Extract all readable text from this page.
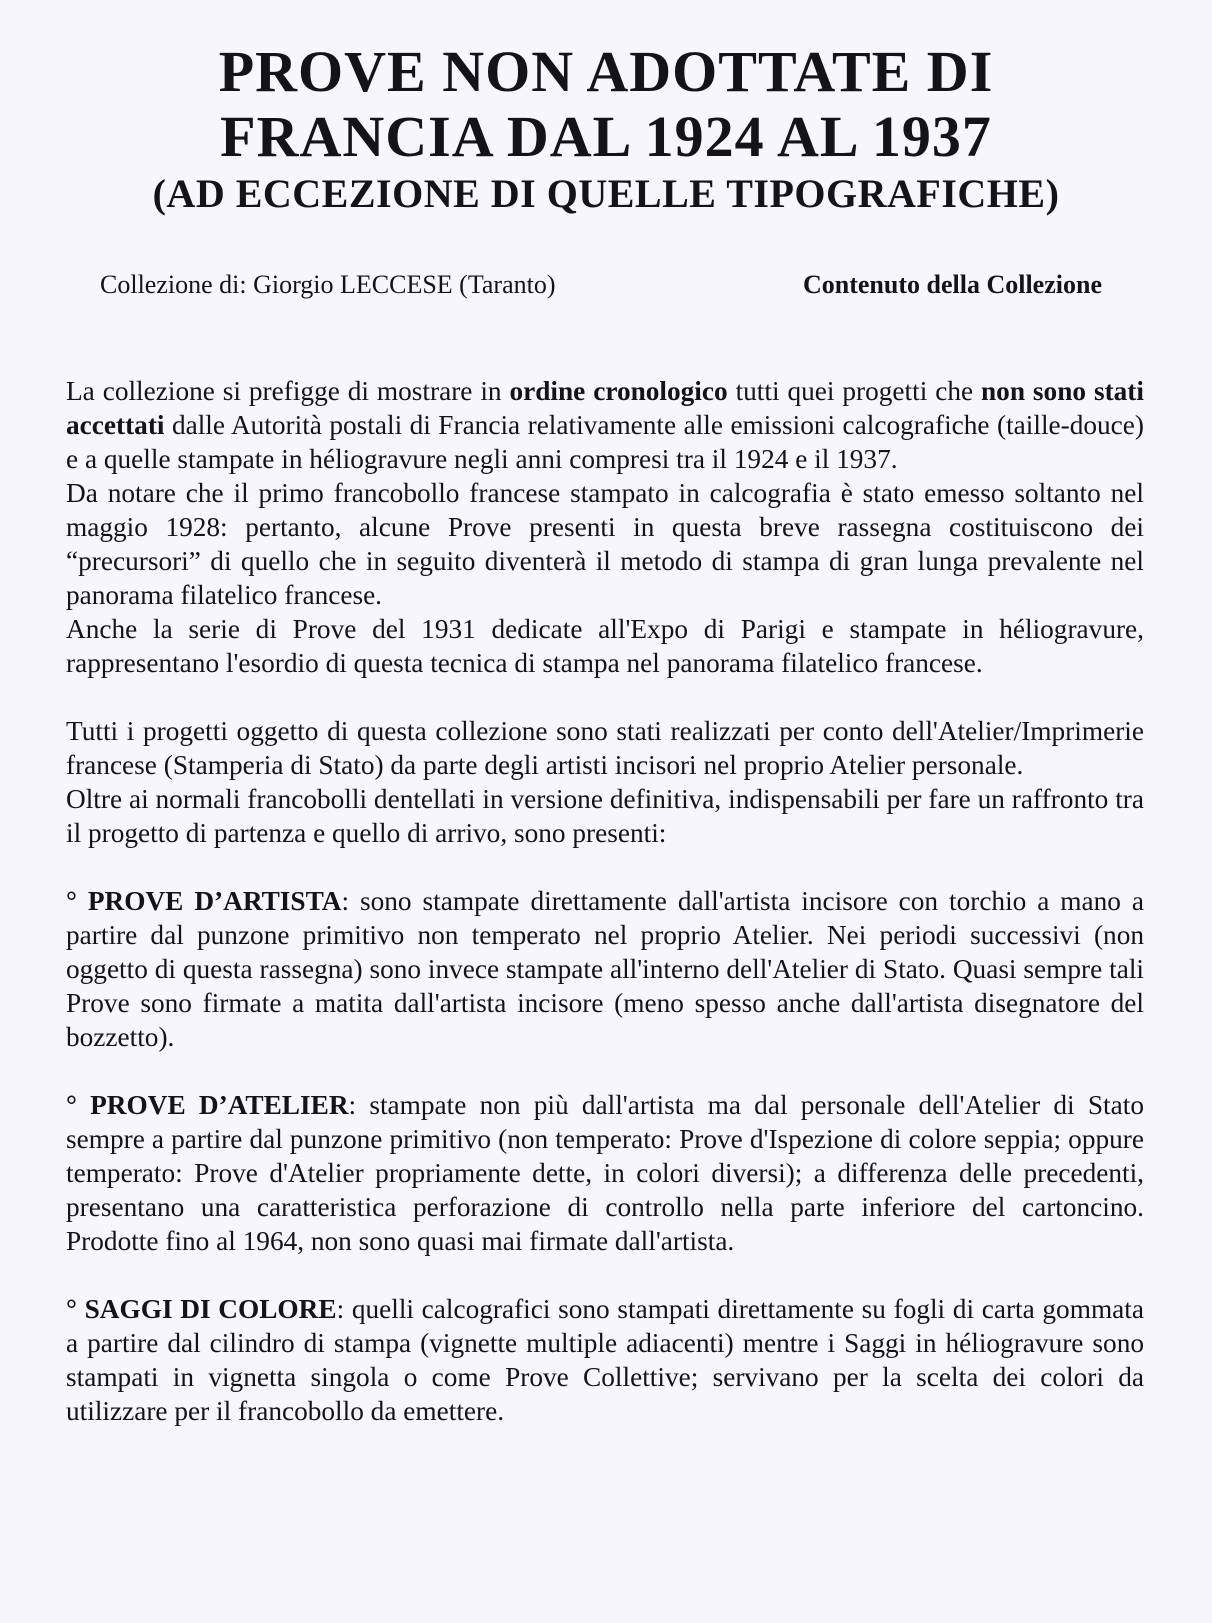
PROVE NON ADOTTATE DI
FRANCIA DAL 1924 AL 1937
(AD ECCEZIONE DI QUELLE TIPOGRAFICHE)
Collezione di: Giorgio LECCESE (Taranto)	Contenuto della Collezione

La collezione si prefigge di mostrare in ordine cronologico tutti quei progetti che non sono stati accettati dalle Autorità postali di Francia relativamente alle emissioni calcografiche (taille-douce) e a quelle stampate in héliogravure negli anni compresi tra il 1924 e il 1937.

Da notare che il primo francobollo francese stampato in calcografia è stato emesso soltanto nel maggio 1928: pertanto, alcune Prove presenti in questa breve rassegna costituiscono dei “precursori” di quello che in seguito diventerà il metodo di stampa di gran lunga prevalente nel panorama filatelico francese.

Anche la serie di Prove del 1931 dedicate all'Expo di Parigi e stampate in héliogravure, rappresentano l'esordio di questa tecnica di stampa nel panorama filatelico francese.

Tutti i progetti oggetto di questa collezione sono stati realizzati per conto dell'Atelier/Imprimerie francese (Stamperia di Stato) da parte degli artisti incisori nel proprio Atelier personale.

Oltre ai normali francobolli dentellati in versione definitiva, indispensabili per fare un raffronto tra il progetto di partenza e quello di arrivo, sono presenti:

° PROVE D’ARTISTA: sono stampate direttamente dall'artista incisore con torchio a mano a partire dal punzone primitivo non temperato nel proprio Atelier. Nei periodi successivi (non oggetto di questa rassegna) sono invece stampate all'interno dell'Atelier di Stato. Quasi sempre tali Prove sono firmate a matita dall'artista incisore (meno spesso anche dall'artista disegnatore del bozzetto).

° PROVE D’ATELIER: stampate non più dall'artista ma dal personale dell'Atelier di Stato sempre a partire dal punzone primitivo (non temperato: Prove d'Ispezione di colore seppia; oppure temperato: Prove d'Atelier propriamente dette, in colori diversi); a differenza delle precedenti, presentano una caratteristica perforazione di controllo nella parte inferiore del cartoncino. Prodotte fino al 1964, non sono quasi mai firmate dall'artista.

° SAGGI DI COLORE: quelli calcografici sono stampati direttamente su fogli di carta gommata a partire dal cilindro di stampa (vignette multiple adiacenti) mentre i Saggi in héliogravure sono stampati in vignetta singola o come Prove Collettive; servivano per la scelta dei colori da utilizzare per il francobollo da emettere.
